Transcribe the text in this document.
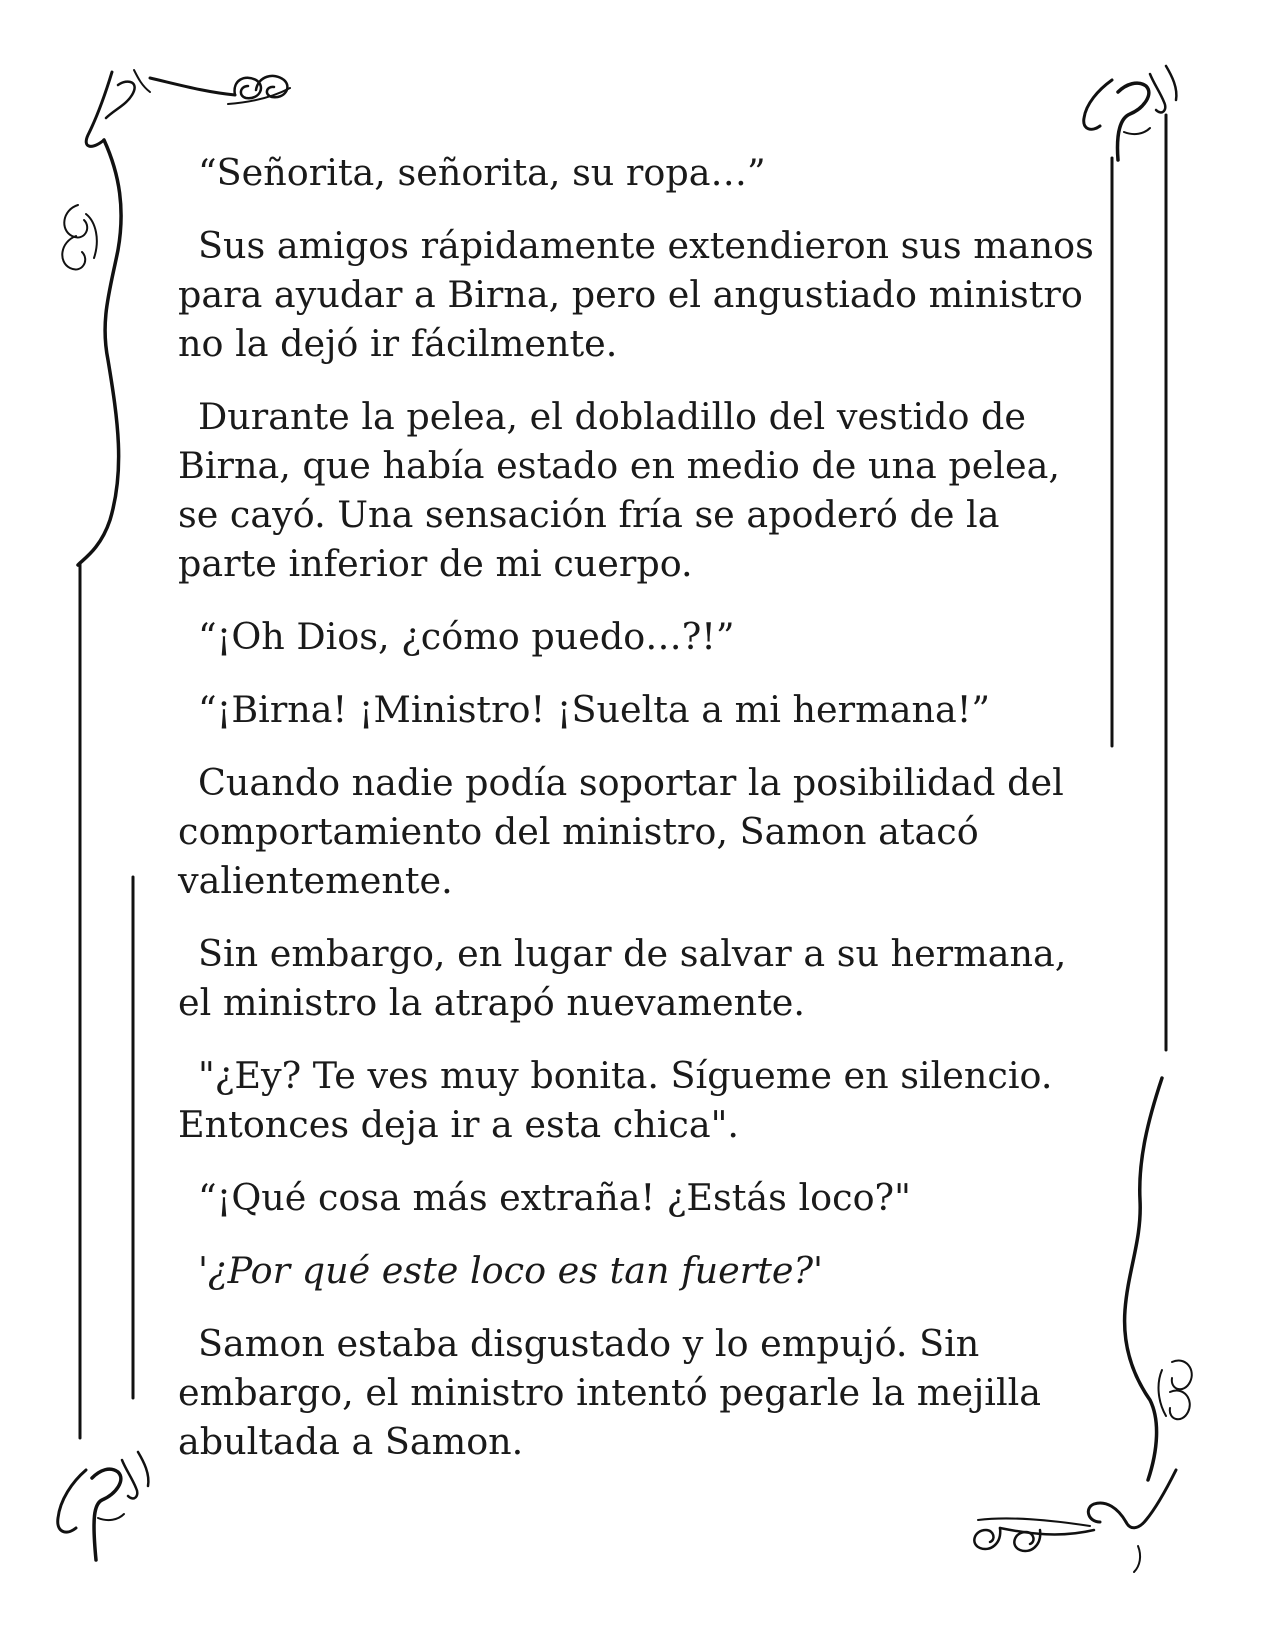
“Señorita, señorita, su ropa…”

Sus amigos rápidamente extendieron sus manos para ayudar a Birna, pero el angustiado ministro no la dejó ir fácilmente.

Durante la pelea, el dobladillo del vestido de Birna, que había estado en medio de una pelea, se cayó. Una sensación fría se apoderó de la parte inferior de mi cuerpo.

“¡Oh Dios, ¿cómo puedo…?!”

“¡Birna! ¡Ministro! ¡Suelta a mi hermana!”

Cuando nadie podía soportar la posibilidad del comportamiento del ministro, Samon atacó valientemente.

Sin embargo, en lugar de salvar a su hermana, el ministro la atrapó nuevamente.

"¿Ey? Te ves muy bonita. Sígueme en silencio. Entonces deja ir a esta chica".

“¡Qué cosa más extraña! ¿Estás loco?"

'¿Por qué este loco es tan fuerte?'

Samon estaba disgustado y lo empujó. Sin embargo, el ministro intentó pegarle la mejilla abultada a Samon.
